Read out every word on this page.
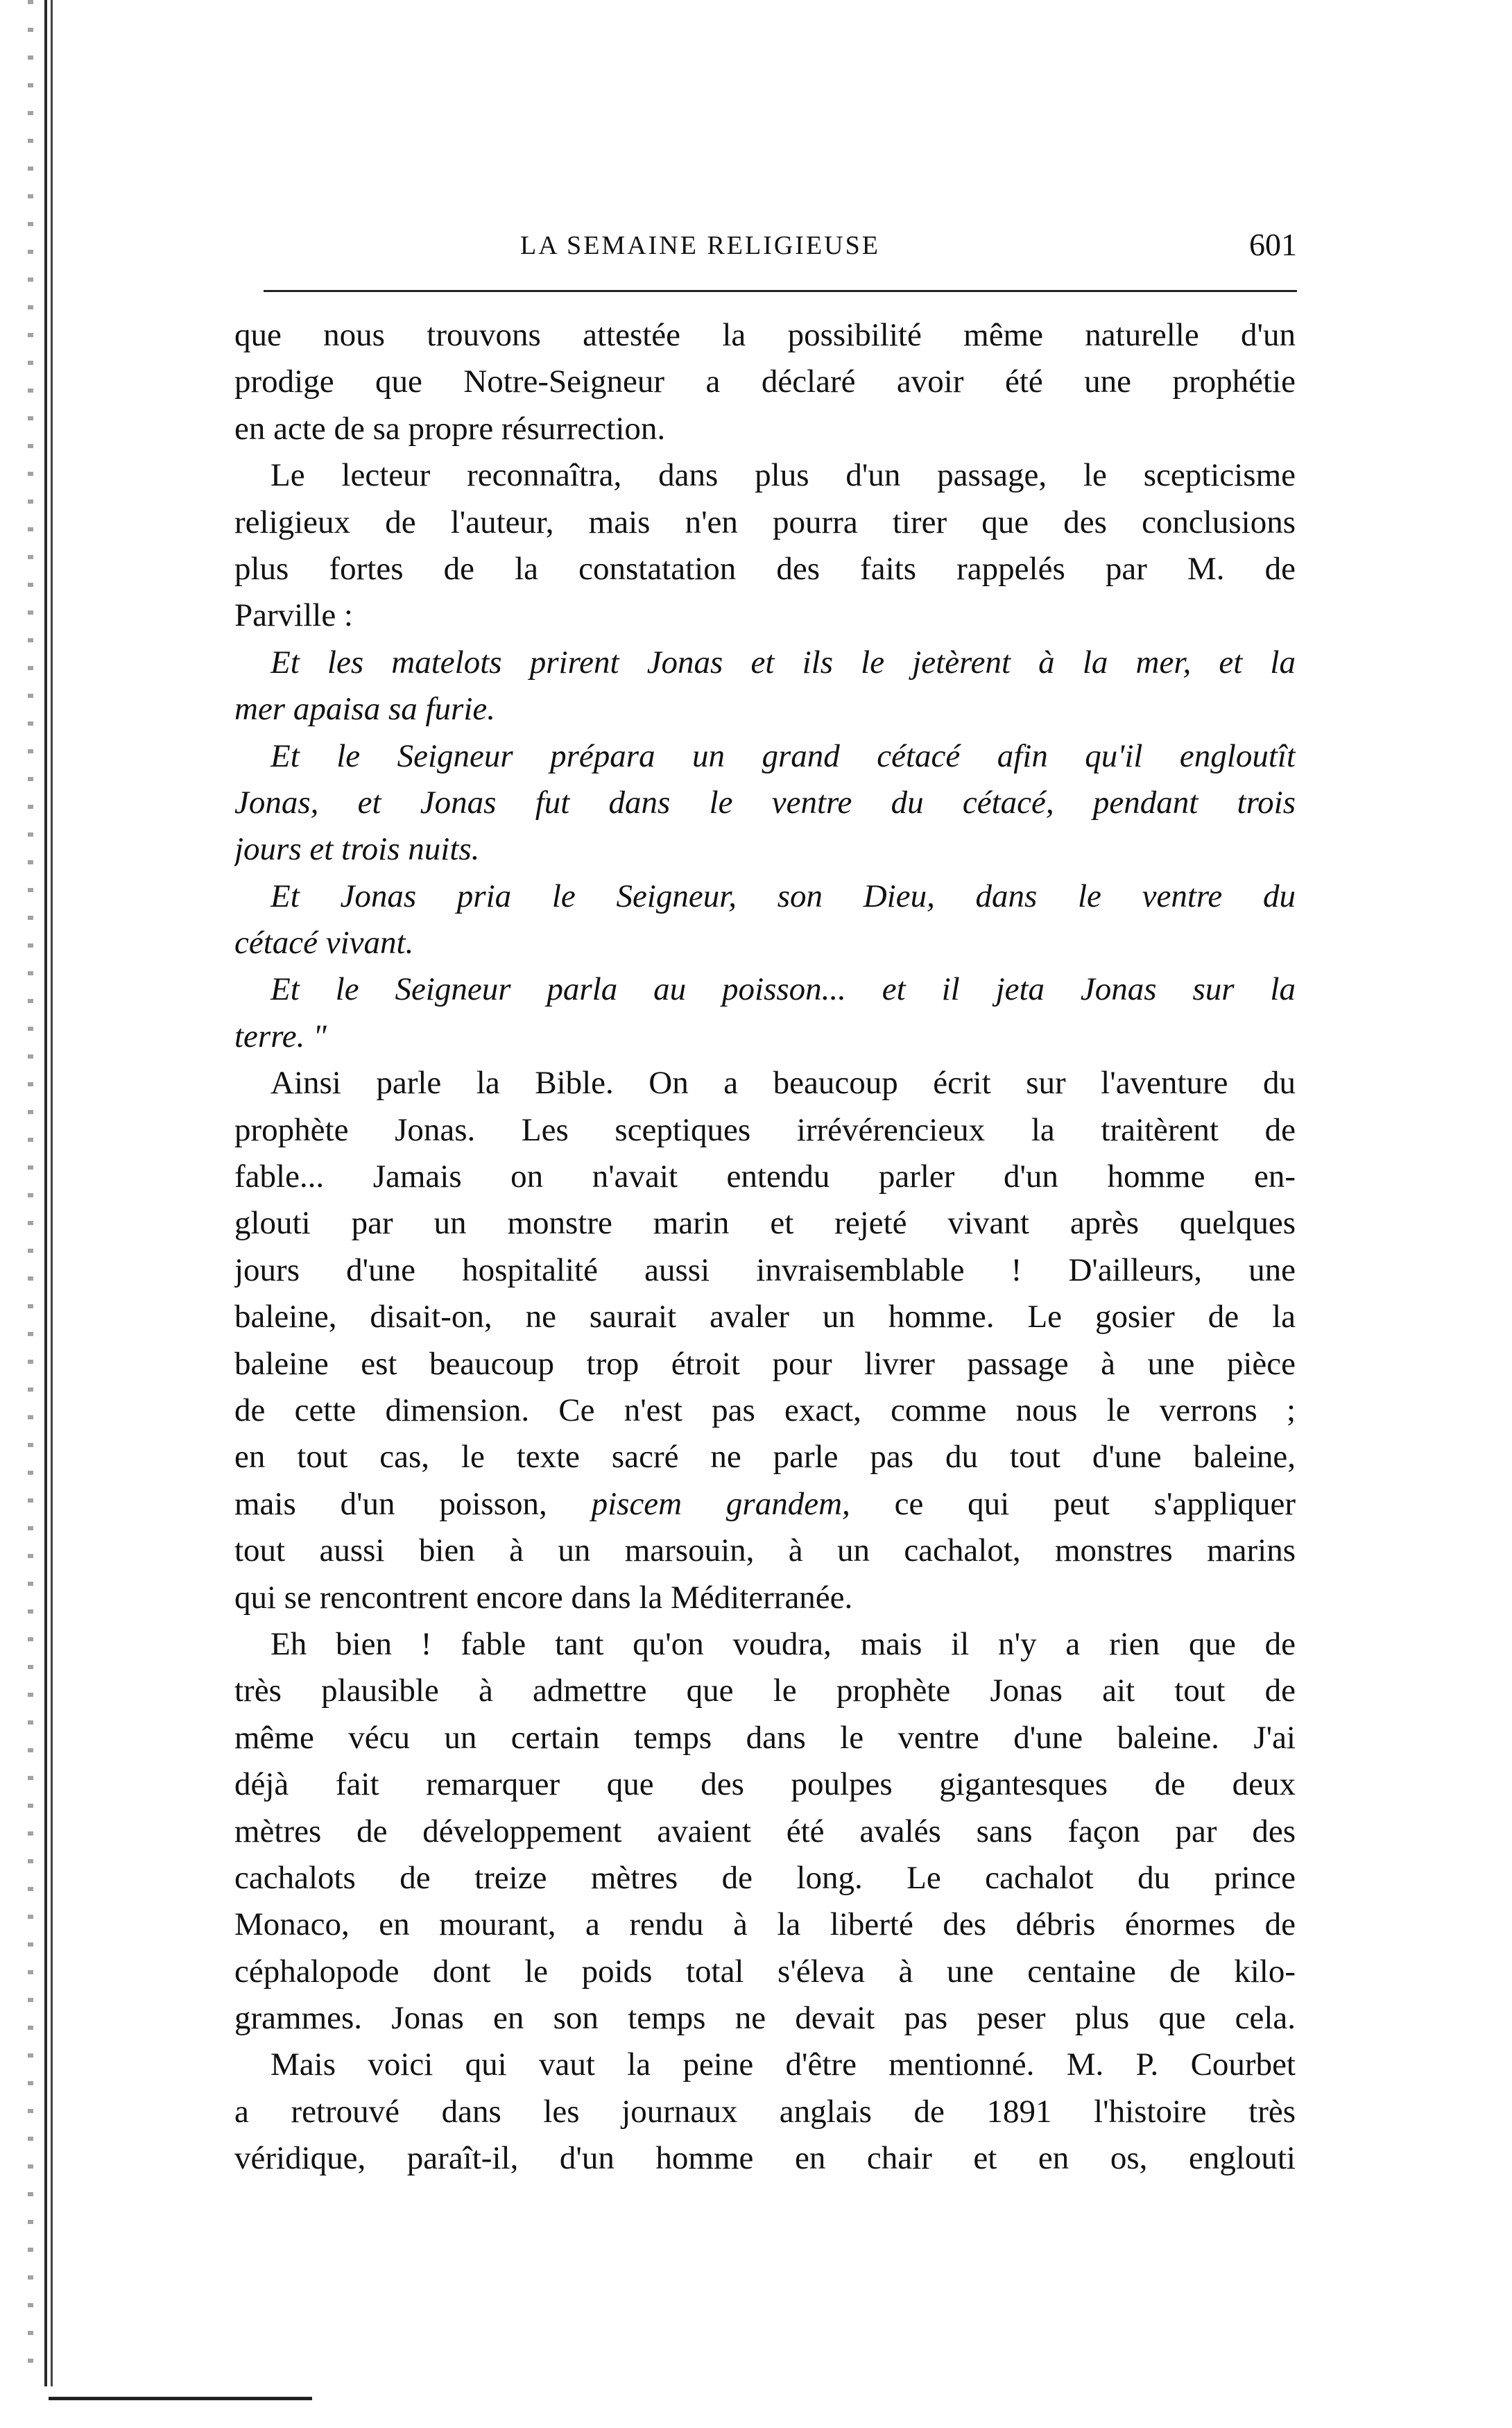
LA SEMAINE RELIGIEUSE	601
que nous trouvons attestée la possibilité même naturelle d'un
prodige que Notre-Seigneur a déclaré avoir été une prophétie
en acte de sa propre résurrection.
Le lecteur reconnaîtra, dans plus d'un passage, le scepticisme
religieux de l'auteur, mais n'en pourra tirer que des conclusions
plus fortes de la constatation des faits rappelés par M. de
Parville :
Et les matelots prirent Jonas et ils le jetèrent à la mer, et la
mer apaisa sa furie.
Et le Seigneur prépara un grand cétacé afin qu'il engloutît
Jonas, et Jonas fut dans le ventre du cétacé, pendant trois
jours et trois nuits.
Et Jonas pria le Seigneur, son Dieu, dans le ventre du
cétacé vivant.
Et le Seigneur parla au poisson... et il jeta Jonas sur la
terre. "
Ainsi parle la Bible. On a beaucoup écrit sur l'aventure du
prophète Jonas. Les sceptiques irrévérencieux la traitèrent de
fable... Jamais on n'avait entendu parler d'un homme en-
glouti par un monstre marin et rejeté vivant après quelques
jours d'une hospitalité aussi invraisemblable ! D'ailleurs, une
baleine, disait-on, ne saurait avaler un homme. Le gosier de la
baleine est beaucoup trop étroit pour livrer passage à une pièce
de cette dimension. Ce n'est pas exact, comme nous le verrons ;
en tout cas, le texte sacré ne parle pas du tout d'une baleine,
mais d'un poisson, piscem grandem, ce qui peut s'appliquer
tout aussi bien à un marsouin, à un cachalot, monstres marins
qui se rencontrent encore dans la Méditerranée.
Eh bien ! fable tant qu'on voudra, mais il n'y a rien que de
très plausible à admettre que le prophète Jonas ait tout de
même vécu un certain temps dans le ventre d'une baleine. J'ai
déjà fait remarquer que des poulpes gigantesques de deux
mètres de développement avaient été avalés sans façon par des
cachalots de treize mètres de long. Le cachalot du prince
Monaco, en mourant, a rendu à la liberté des débris énormes de
céphalopode dont le poids total s'éleva à une centaine de kilo-
grammes. Jonas en son temps ne devait pas peser plus que cela.
Mais voici qui vaut la peine d'être mentionné. M. P. Courbet
a retrouvé dans les journaux anglais de 1891 l'histoire très
véridique, paraît-il, d'un homme en chair et en os, englouti
